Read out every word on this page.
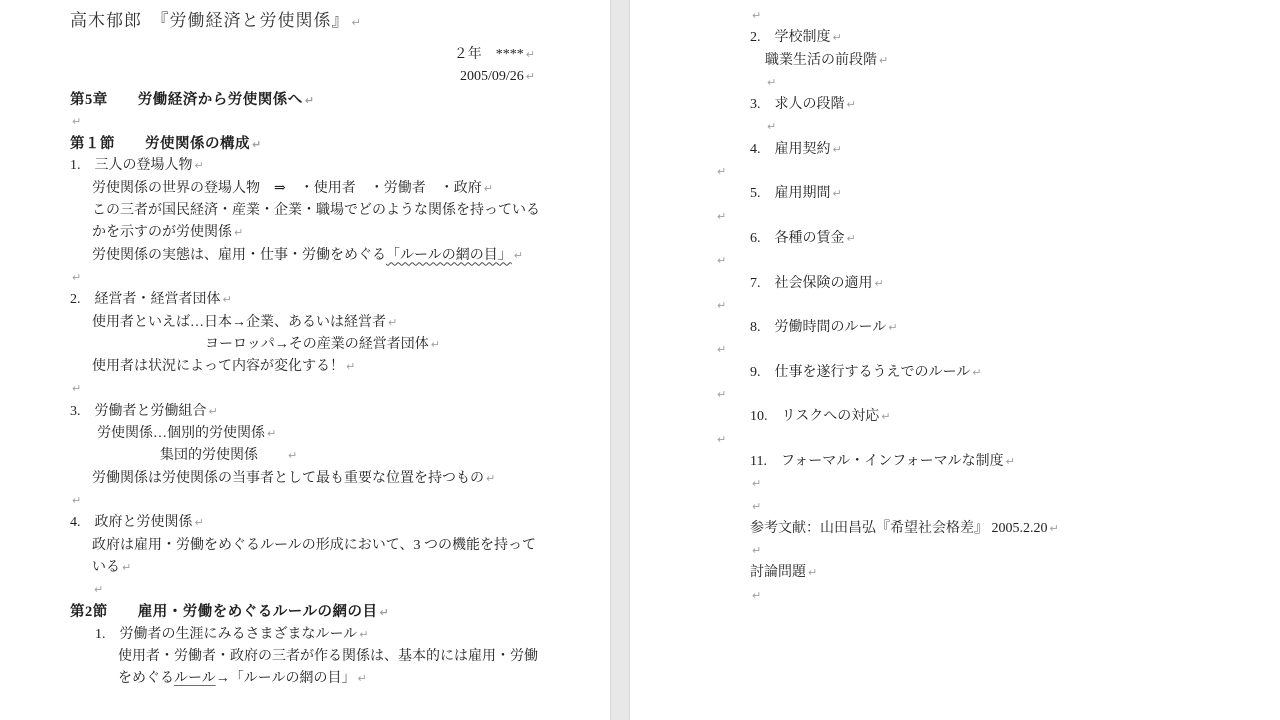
高木郁郎　『労働経済と労使関係』 ↵
２年　**** ↵
2005/09/26 ↵
第5章　　労働経済から労使関係へ ↵
↵
第１節　　労使関係の構成 ↵
1.　三人の登場人物 ↵
労使関係の世界の登場人物　⇒　・使用者　・労働者　・政府 ↵
この三者が国民経済・産業・企業・職場でどのような関係を持っている
かを示すのが労使関係 ↵
労使関係の実態は、雇用・仕事・労働をめぐる「ルールの網の目」 ↵
↵
2.　経営者・経営者団体 ↵
使用者といえば…日本→企業、あるいは経営者 ↵
ヨーロッパ→その産業の経営者団体 ↵
使用者は状況によって内容が変化する！ ↵
↵
3.　労働者と労働組合 ↵
労使関係…個別的労使関係 ↵
集団的労使関係　　↵
労働関係は労使関係の当事者として最も重要な位置を持つもの ↵
↵
4.　政府と労使関係 ↵
政府は雇用・労働をめぐるルールの形成において、3 つの機能を持って
いる ↵
↵
第2節　　雇用・労働をめぐるルールの網の目 ↵
1.　労働者の生涯にみるさまざまなルール ↵
使用者・労働者・政府の三者が作る関係は、基本的には雇用・労働
をめぐるルール→「ルールの網の目」 ↵
↵
2.　学校制度 ↵
職業生活の前段階 ↵
↵
3.　求人の段階 ↵
↵
4.　雇用契約 ↵
↵
5.　雇用期間 ↵
↵
6.　各種の賃金 ↵
↵
7.　社会保険の適用 ↵
↵
8.　労働時間のルール ↵
↵
9.　仕事を遂行するうえでのルール ↵
↵
10.　リスクへの対応 ↵
↵
11.　フォーマル・インフォーマルな制度 ↵
↵
↵
参考文献：山田昌弘『希望社会格差』 2005.2.20 ↵
↵
討論問題 ↵
↵
